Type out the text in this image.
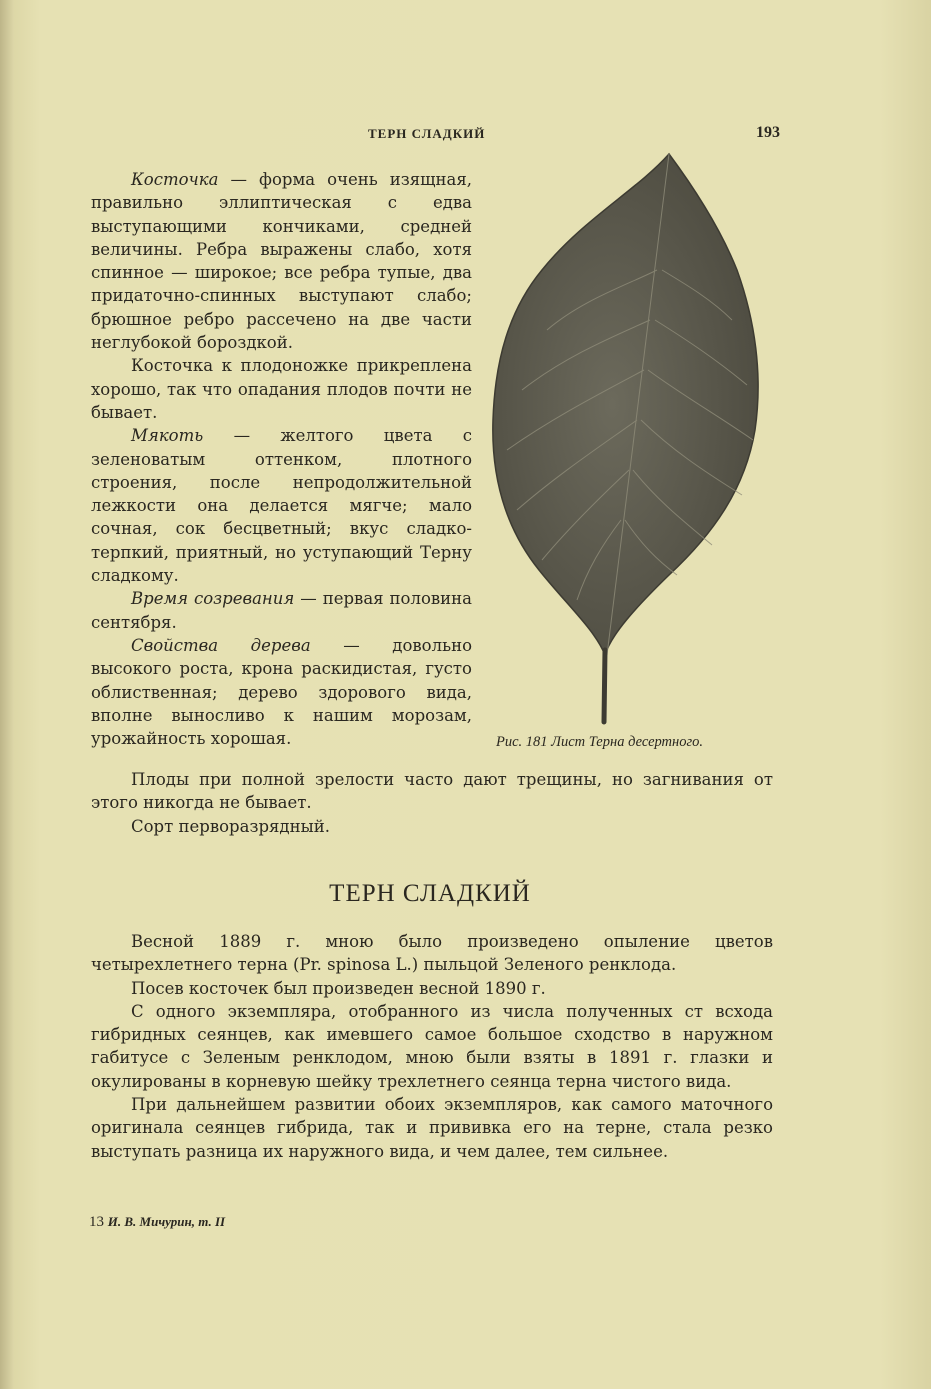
ТЕРН СЛАДКИЙ	193

Косточка — форма очень изящная, правильно эллиптическая с едва выступающими кончиками, средней величины. Ребра выражены слабо, хотя спинное — широкое; все ребра тупые, два придаточно-спинных выступают слабо; брюшное ребро рассечено на две части неглубокой бороздкой.

Косточка к плодоножке прикреплена хорошо, так что опадания плодов почти не бывает.

Мякоть — желтого цвета с зеленоватым оттенком, плотного строения, после непродолжительной лежкости она делается мягче; мало сочная, сок бесцветный; вкус сладко-терпкий, приятный, но уступающий Терну сладкому.

Время созревания — первая половина сентября.

Свойства дерева — довольно высокого роста, крона раскидистая, густо облиственная; дерево здорового вида, вполне выносливо к нашим морозам, урожайность хорошая.

Плоды при полной зрелости часто дают трещины, но загнивания от этого никогда не бывает.

Сорт перворазрядный.

Рис. 181 Лист Терна десертного.
ТЕРН СЛАДКИЙ

Весной 1889 г. мною было произведено опыление цветов четырехлетнего терна (Pr. spinosa L.) пыльцой Зеленого ренклода.

Посев косточек был произведен весной 1890 г.

С одного экземпляра, отобранного из числа полученных ст всхода гибридных сеянцев, как имевшего самое большое сходство в наружном габитусе с Зеленым ренклодом, мною были взяты в 1891 г. глазки и окулированы в корневую шейку трехлетнего сеянца терна чистого вида.

При дальнейшем развитии обоих экземпляров, как самого маточного оригинала сеянцев гибрида, так и прививка его на терне, стала резко выступать разница их наружного вида, и чем далее, тем сильнее.

13 И. В. Мичурин, т. II
